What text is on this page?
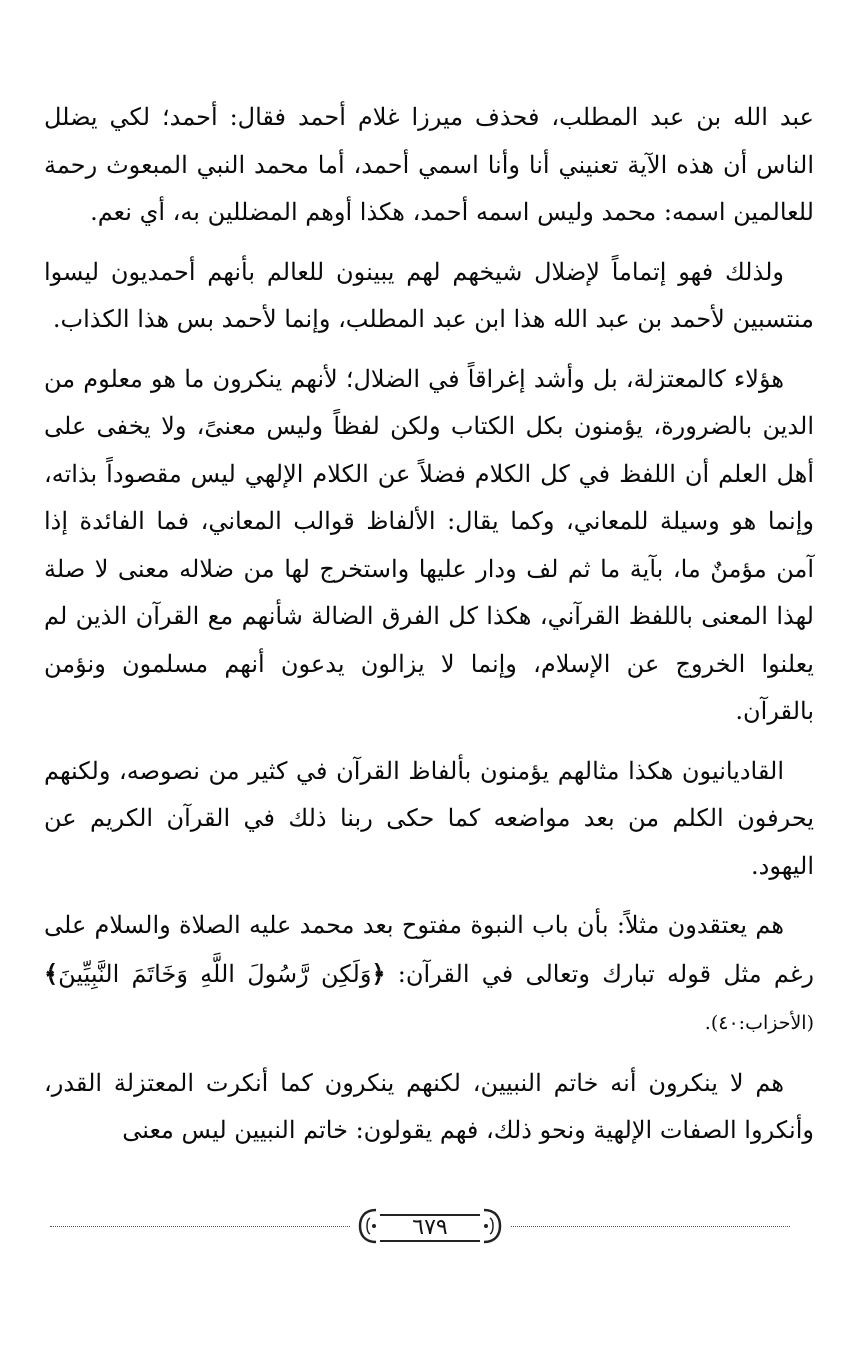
عبد الله بن عبد المطلب، فحذف ميرزا غلام أحمد فقال: أحمد؛ لكي يضلل الناس أن هذه الآية تعنيني أنا وأنا اسمي أحمد، أما محمد النبي المبعوث رحمة للعالمين اسمه: محمد وليس اسمه أحمد، هكذا أوهم المضللين به، أي نعم.

ولذلك فهو إتماماً لإضلال شيخهم لهم يبينون للعالم بأنهم أحمديون ليسوا منتسبين لأحمد بن عبد الله هذا ابن عبد المطلب، وإنما لأحمد بس هذا الكذاب.

هؤلاء كالمعتزلة، بل وأشد إغراقاً في الضلال؛ لأنهم ينكرون ما هو معلوم من الدين بالضرورة، يؤمنون بكل الكتاب ولكن لفظاً وليس معنىً، ولا يخفى على أهل العلم أن اللفظ في كل الكلام فضلاً عن الكلام الإلهي ليس مقصوداً بذاته، وإنما هو وسيلة للمعاني، وكما يقال: الألفاظ قوالب المعاني، فما الفائدة إذا آمن مؤمنٌ ما، بآية ما ثم لف ودار عليها واستخرج لها من ضلاله معنى لا صلة لهذا المعنى باللفظ القرآني، هكذا كل الفرق الضالة شأنهم مع القرآن الذين لم يعلنوا الخروج عن الإسلام، وإنما لا يزالون يدعون أنهم مسلمون ونؤمن بالقرآن.

القاديانيون هكذا مثالهم يؤمنون بألفاظ القرآن في كثير من نصوصه، ولكنهم يحرفون الكلم من بعد مواضعه كما حكى ربنا ذلك في القرآن الكريم عن اليهود.

هم يعتقدون مثلاً: بأن باب النبوة مفتوح بعد محمد عليه الصلاة والسلام على رغم مثل قوله تبارك وتعالى في القرآن: ﴿وَلَكِن رَّسُولَ اللَّهِ وَخَاتَمَ النَّبِيِّينَ﴾(الأحزاب:٤٠).

هم لا ينكرون أنه خاتم النبيين، لكنهم ينكرون كما أنكرت المعتزلة القدر، وأنكروا الصفات الإلهية ونحو ذلك، فهم يقولون: خاتم النبيين ليس معنى

٦٧٩
